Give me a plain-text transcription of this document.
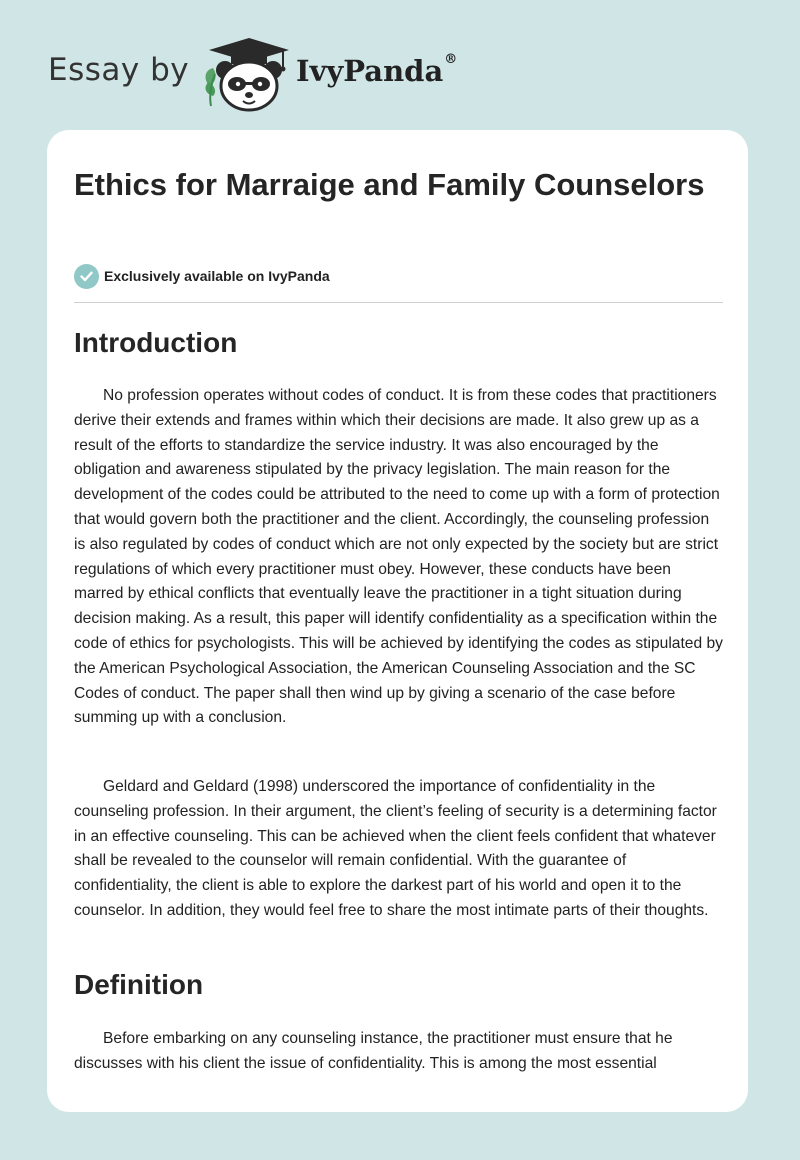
Essay by	IvyPanda®
Ethics for Marraige and Family Counselors
Exclusively available on IvyPanda
Introduction

No profession operates without codes of conduct. It is from these codes that practitioners derive their extends and frames within which their decisions are made. It also grew up as a result of the efforts to standardize the service industry. It was also encouraged by the obligation and awareness stipulated by the privacy legislation. The main reason for the development of the codes could be attributed to the need to come up with a form of protection that would govern both the practitioner and the client. Accordingly, the counseling profession is also regulated by codes of conduct which are not only expected by the society but are strict regulations of which every practitioner must obey. However, these conducts have been marred by ethical conflicts that eventually leave the practitioner in a tight situation during decision making. As a result, this paper will identify confidentiality as a specification within the code of ethics for psychologists. This will be achieved by identifying the codes as stipulated by the American Psychological Association, the American Counseling Association and the SC Codes of conduct. The paper shall then wind up by giving a scenario of the case before summing up with a conclusion.

Geldard and Geldard (1998) underscored the importance of confidentiality in the counseling profession. In their argument, the client’s feeling of security is a determining factor in an effective counseling. This can be achieved when the client feels confident that whatever shall be revealed to the counselor will remain confidential. With the guarantee of confidentiality, the client is able to explore the darkest part of his world and open it to the counselor. In addition, they would feel free to share the most intimate parts of their thoughts.

Definition

Before embarking on any counseling instance, the practitioner must ensure that he discusses with his client the issue of confidentiality. This is among the most essential
